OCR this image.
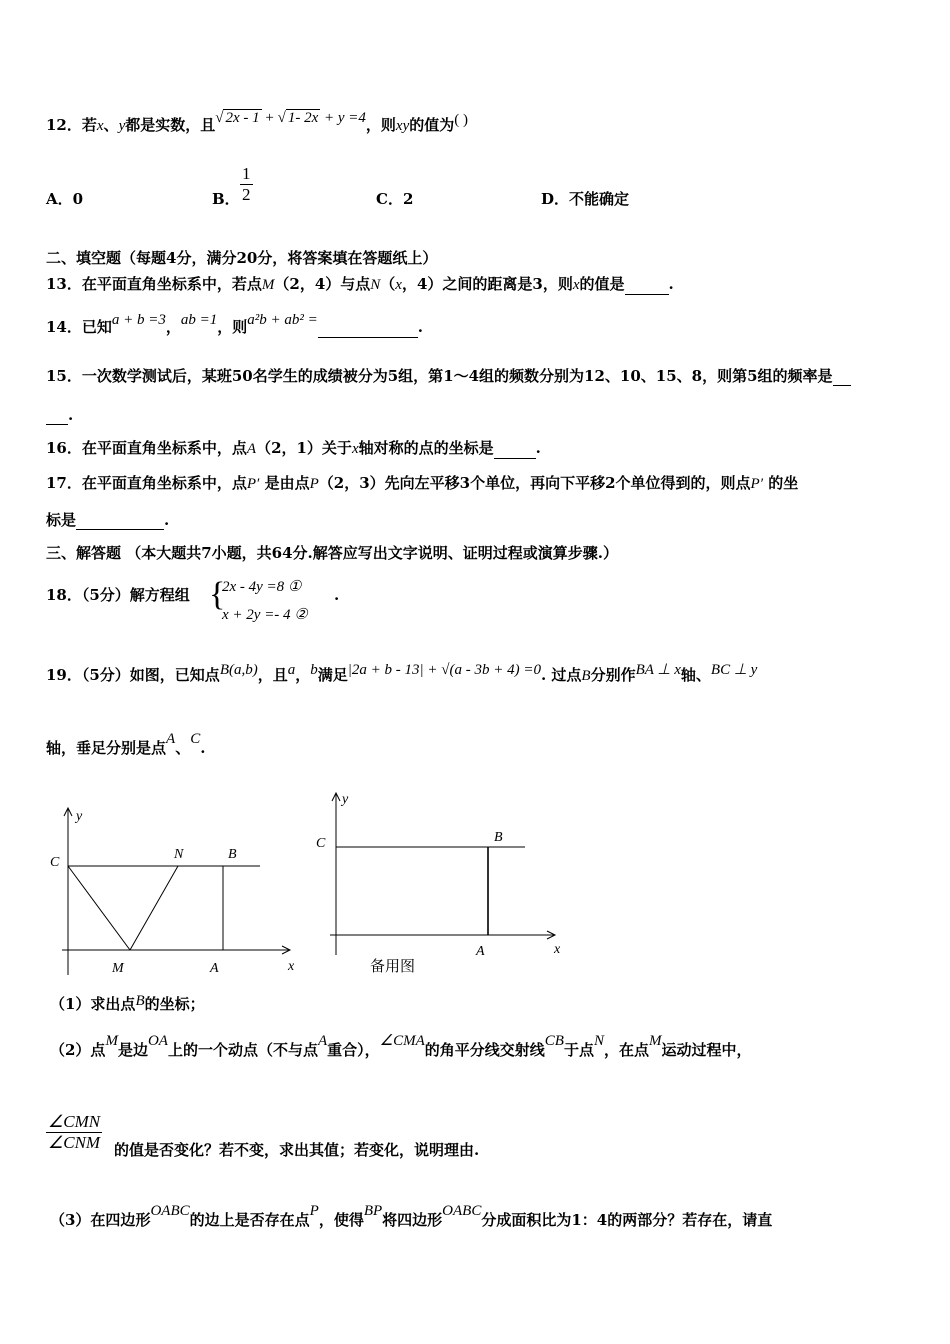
12．若x、y都是实数，且√ 2x - 1 + √ 1- 2x + y =4，则xy的值为( )
A．0	B． $\frac{1}{2}$	C．2	D．不能确定
二、填空题（每题4分，满分20分，将答案填在答题纸上）
13．在平面直角坐标系中，若点M（2，4）与点N（x，4）之间的距离是3，则x的值是	.
14．已知a + b =3，ab =1，则a²b + ab² =	.
15．一次数学测试后，某班50名学生的成绩被分为5组，第1～4组的频数分别为12、10、15、8，则第5组的频率是
.
16．在平面直角坐标系中，点A（2，1）关于x轴对称的点的坐标是	.
17．在平面直角坐标系中，点P′ 是由点P（2，3）先向左平移3个单位，再向下平移2个单位得到的，则点P′ 的坐
标是	.
三、解答题 （本大题共7小题，共64分.解答应写出文字说明、证明过程或演算步骤.）
18．（5分）解方程组 {
2x - 4y =8 ①
x + 2y =- 4 ②
.
19．（5分）如图，已知点B(a,b)，且a，b满足|2a + b - 13| + √(a - 3b + 4) =0. 过点B分别作BA ⊥ x轴、BC ⊥ y
轴，垂足分别是点A、C.
y
x
C
N	B
M	A
y
x
C	B
A
备用图
（1）求出点B的坐标；
（2）点M是边OA上的一个动点（不与点A重合），∠CMA的角平分线交射线CB于点N，在点M运动过程中，
∠CMN
∠CNM 的值是否变化？若不变，求出其值；若变化，说明理由.
（3）在四边形OABC的边上是否存在点P，使得BP将四边形OABC分成面积比为1：4的两部分？若存在，请直
